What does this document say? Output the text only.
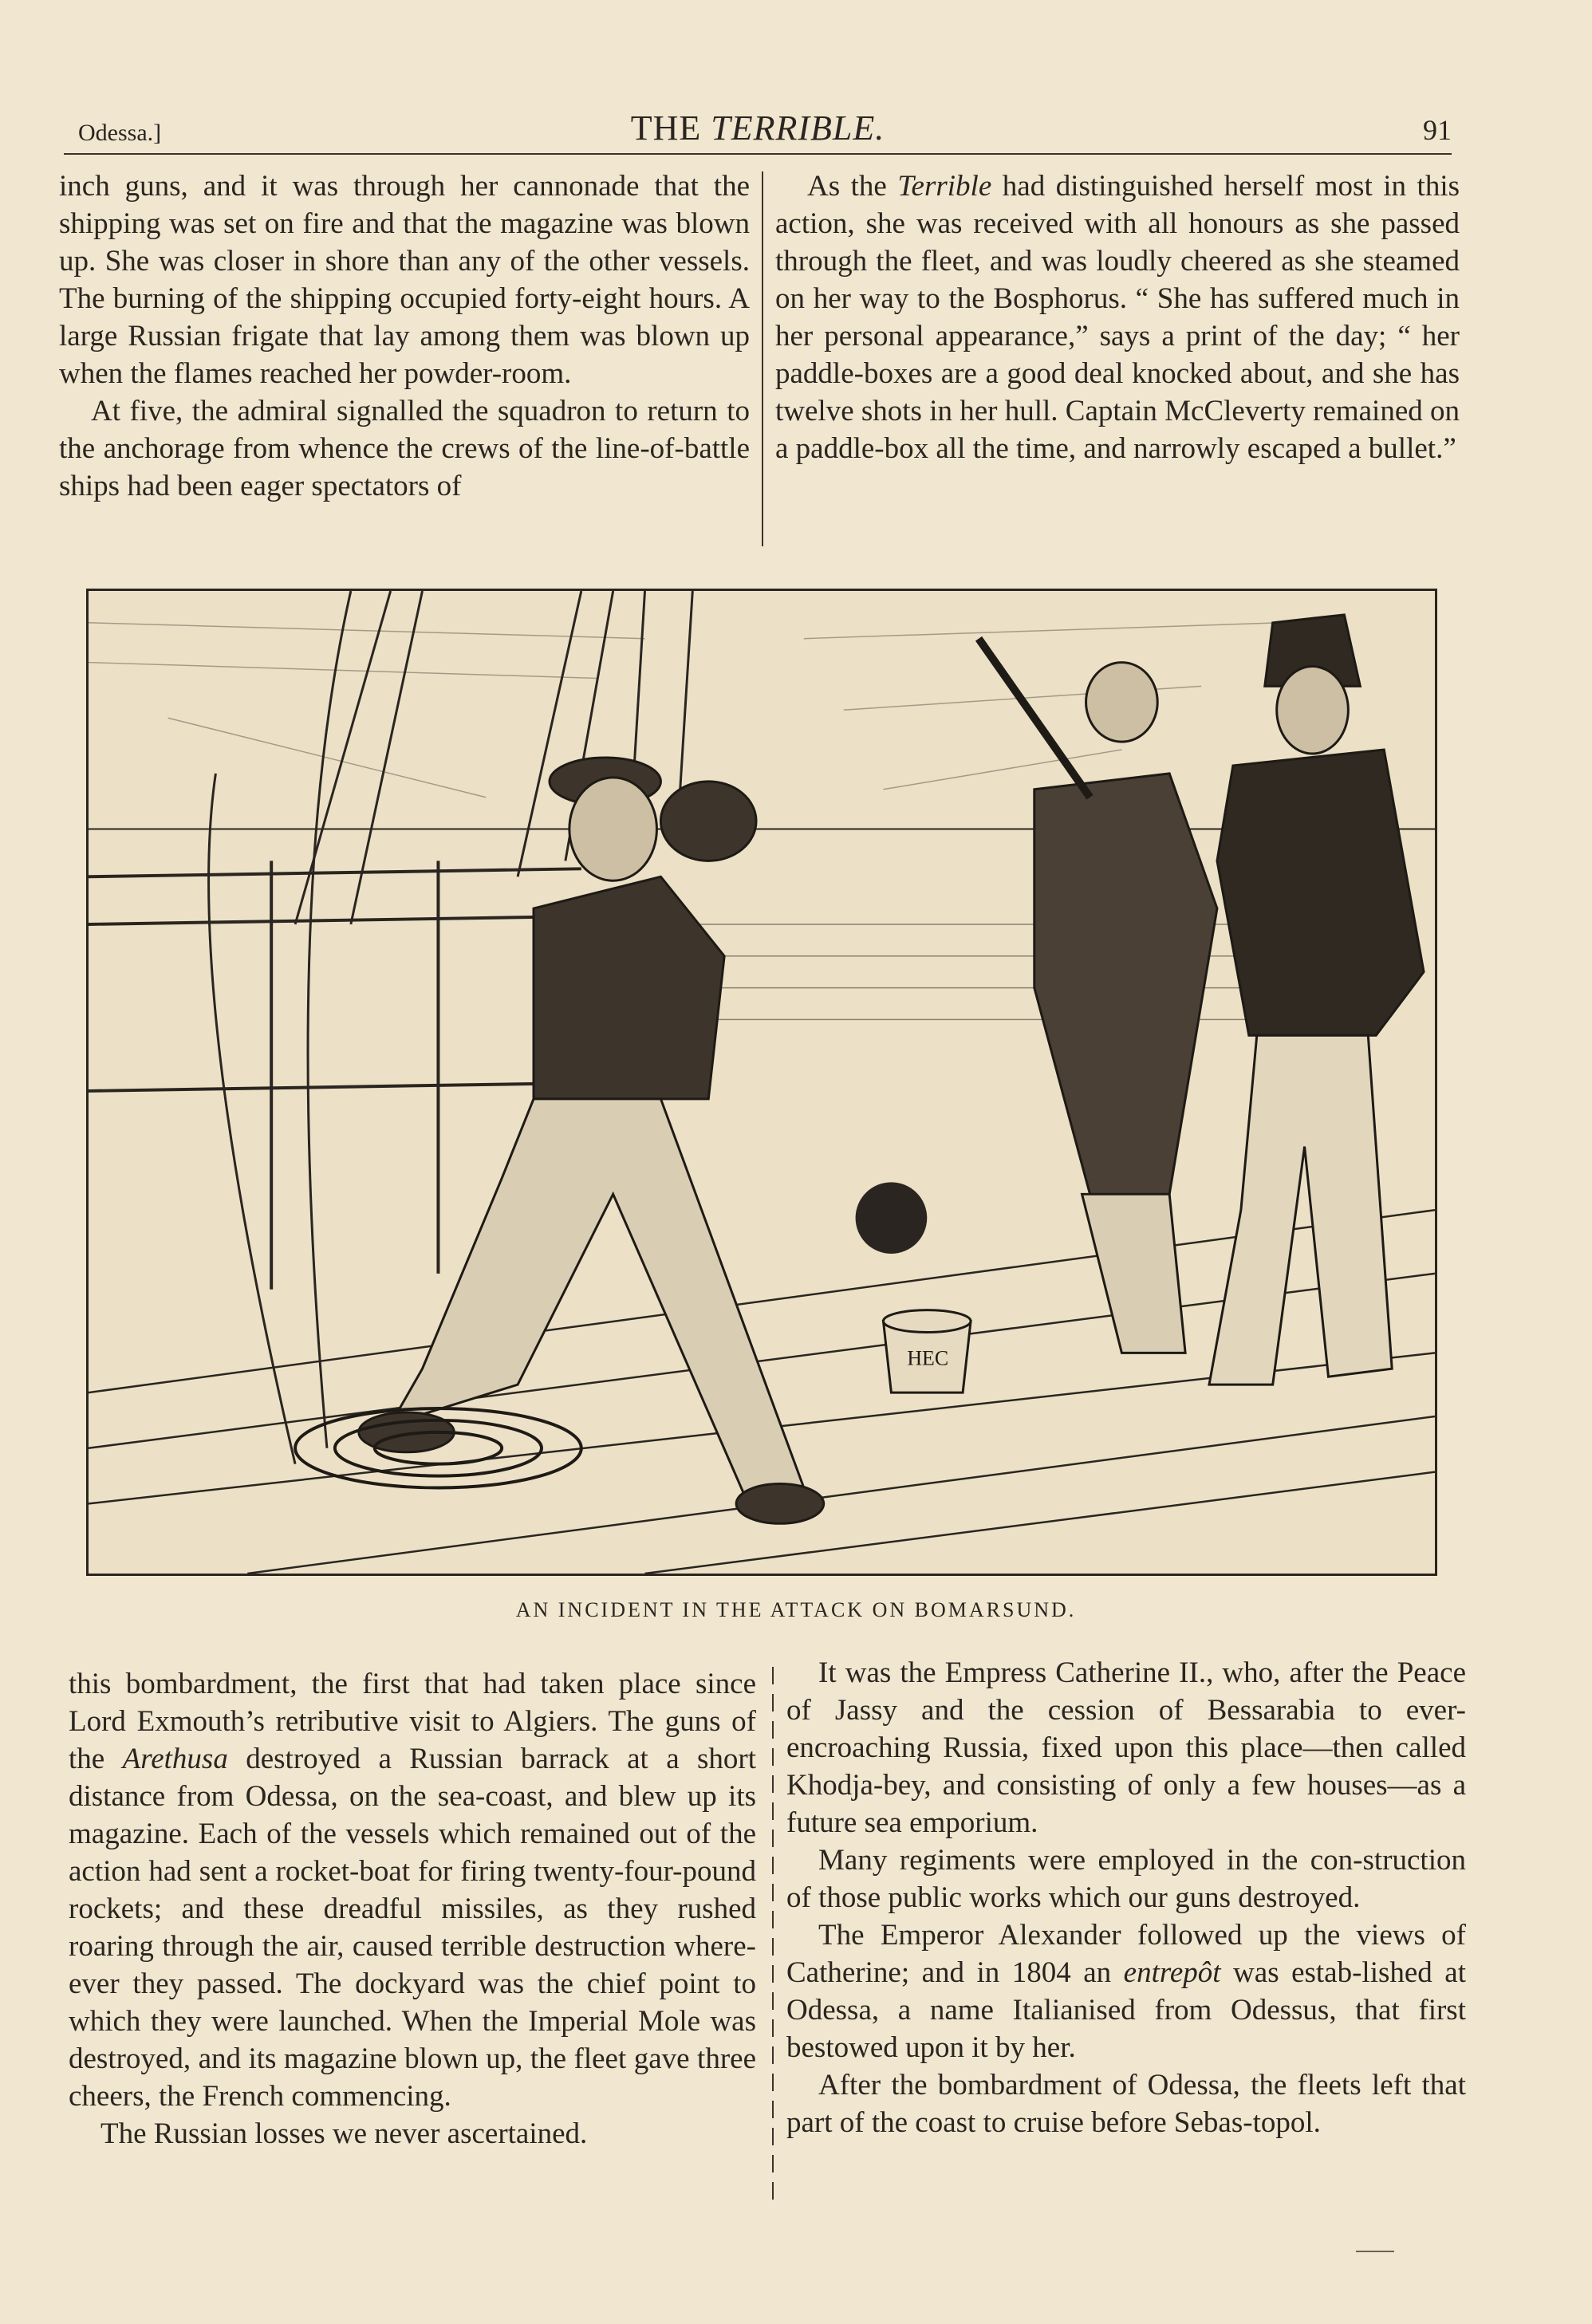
Odessa.]	THE TERRIBLE.	91

inch guns, and it was through her cannonade that the shipping was set on fire and that the magazine was blown up. She was closer in shore than any of the other vessels. The burning of the shipping occupied forty-eight hours. A large Russian frigate that lay among them was blown up when the flames reached her powder-room.

At five, the admiral signalled the squadron to return to the anchorage from whence the crews of the line-of-battle ships had been eager spectators of

As the Terrible had distinguished herself most in this action, she was received with all honours as she passed through the fleet, and was loudly cheered as she steamed on her way to the Bosphorus. “ She has suffered much in her personal appearance,” says a print of the day; “ her paddle-boxes are a good deal knocked about, and she has twelve shots in her hull. Captain McCleverty remained on a paddle-box all the time, and narrowly escaped a bullet.”

HEC
AN INCIDENT IN THE ATTACK ON BOMARSUND.

this bombardment, the first that had taken place since Lord Exmouth’s retributive visit to Algiers. The guns of the Arethusa destroyed a Russian barrack at a short distance from Odessa, on the sea-coast, and blew up its magazine. Each of the vessels which remained out of the action had sent a rocket-boat for firing twenty-four-pound rockets; and these dreadful missiles, as they rushed roaring through the air, caused terrible destruction where-ever they passed. The dockyard was the chief point to which they were launched. When the Imperial Mole was destroyed, and its magazine blown up, the fleet gave three cheers, the French commencing.

The Russian losses we never ascertained.

It was the Empress Catherine II., who, after the Peace of Jassy and the cession of Bessarabia to ever-encroaching Russia, fixed upon this place—then called Khodja-bey, and consisting of only a few houses—as a future sea emporium.

Many regiments were employed in the con-struction of those public works which our guns destroyed.

The Emperor Alexander followed up the views of Catherine; and in 1804 an entrepôt was estab-lished at Odessa, a name Italianised from Odessus, that first bestowed upon it by her.

After the bombardment of Odessa, the fleets left that part of the coast to cruise before Sebas-topol.
